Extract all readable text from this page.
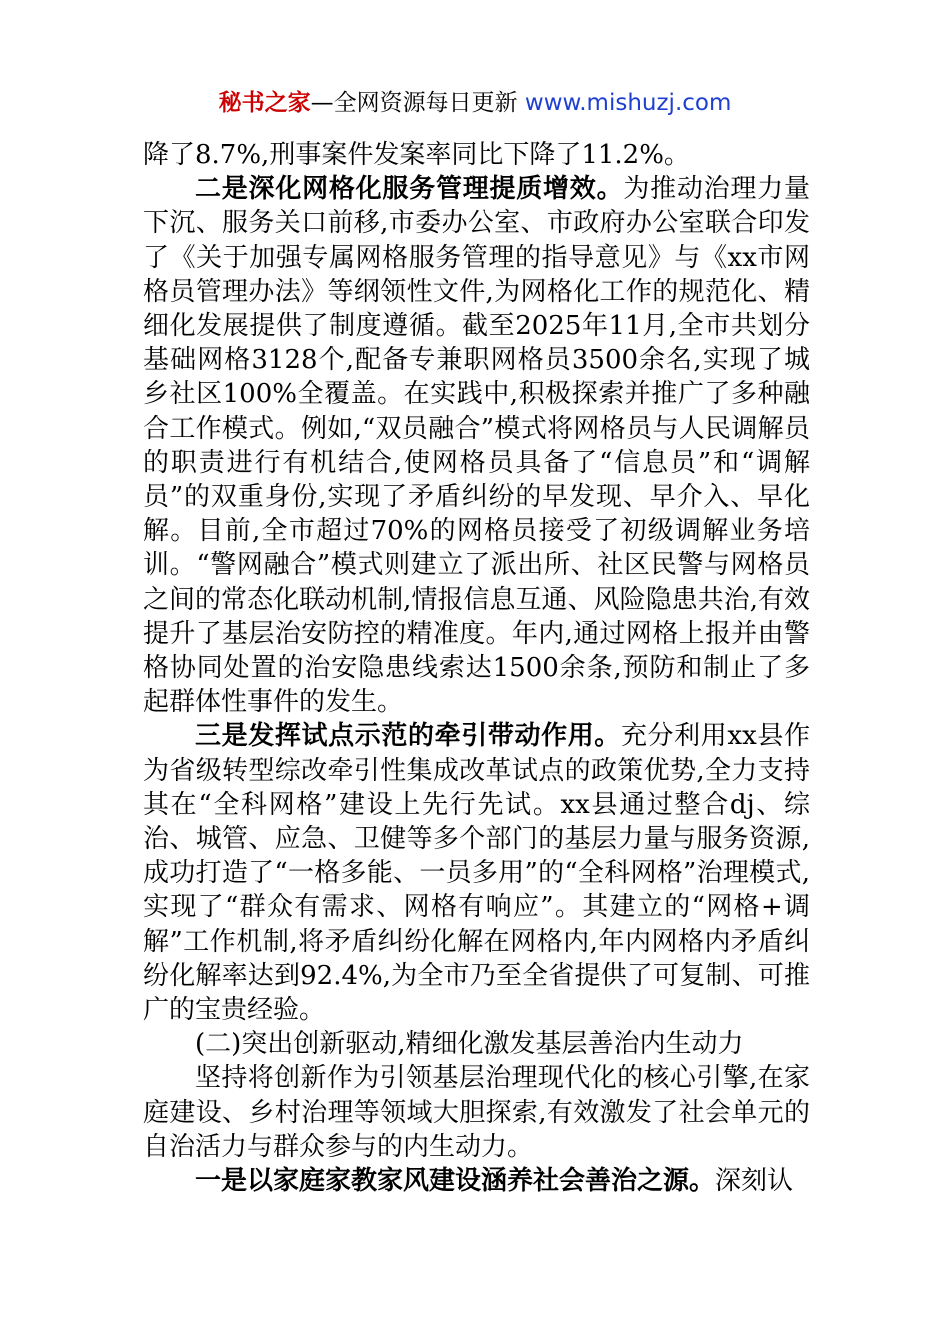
秘书之家—全网资源每日更新 www.mishuzj.com

降了8.7%,刑事案件发案率同比下降了11.2%。

二是深化网格化服务管理提质增效。为推动治理力量下沉、服务关口前移,市委办公室、市政府办公室联合印发了《关于加强专属网格服务管理的指导意见》与《xx市网格员管理办法》等纲领性文件,为网格化工作的规范化、精细化发展提供了制度遵循。截至2025年11月,全市共划分基础网格3128个,配备专兼职网格员3500余名,实现了城乡社区100%全覆盖。在实践中,积极探索并推广了多种融合工作模式。例如,“双员融合”模式将网格员与人民调解员的职责进行有机结合,使网格员具备了“信息员”和“调解员”的双重身份,实现了矛盾纠纷的早发现、早介入、早化解。目前,全市超过70%的网格员接受了初级调解业务培训。“警网融合”模式则建立了派出所、社区民警与网格员之间的常态化联动机制,情报信息互通、风险隐患共治,有效提升了基层治安防控的精准度。年内,通过网格上报并由警格协同处置的治安隐患线索达1500余条,预防和制止了多起群体性事件的发生。

三是发挥试点示范的牵引带动作用。充分利用xx县作为省级转型综改牵引性集成改革试点的政策优势,全力支持其在“全科网格”建设上先行先试。xx县通过整合dj、综治、城管、应急、卫健等多个部门的基层力量与服务资源,成功打造了“一格多能、一员多用”的“全科网格”治理模式,实现了“群众有需求、网格有响应”。其建立的“网格+调解”工作机制,将矛盾纠纷化解在网格内,年内网格内矛盾纠纷化解率达到92.4%,为全市乃至全省提供了可复制、可推广的宝贵经验。

(二)突出创新驱动,精细化激发基层善治内生动力

坚持将创新作为引领基层治理现代化的核心引擎,在家庭建设、乡村治理等领域大胆探索,有效激发了社会单元的自治活力与群众参与的内生动力。

一是以家庭家教家风建设涵养社会善治之源。深刻认
